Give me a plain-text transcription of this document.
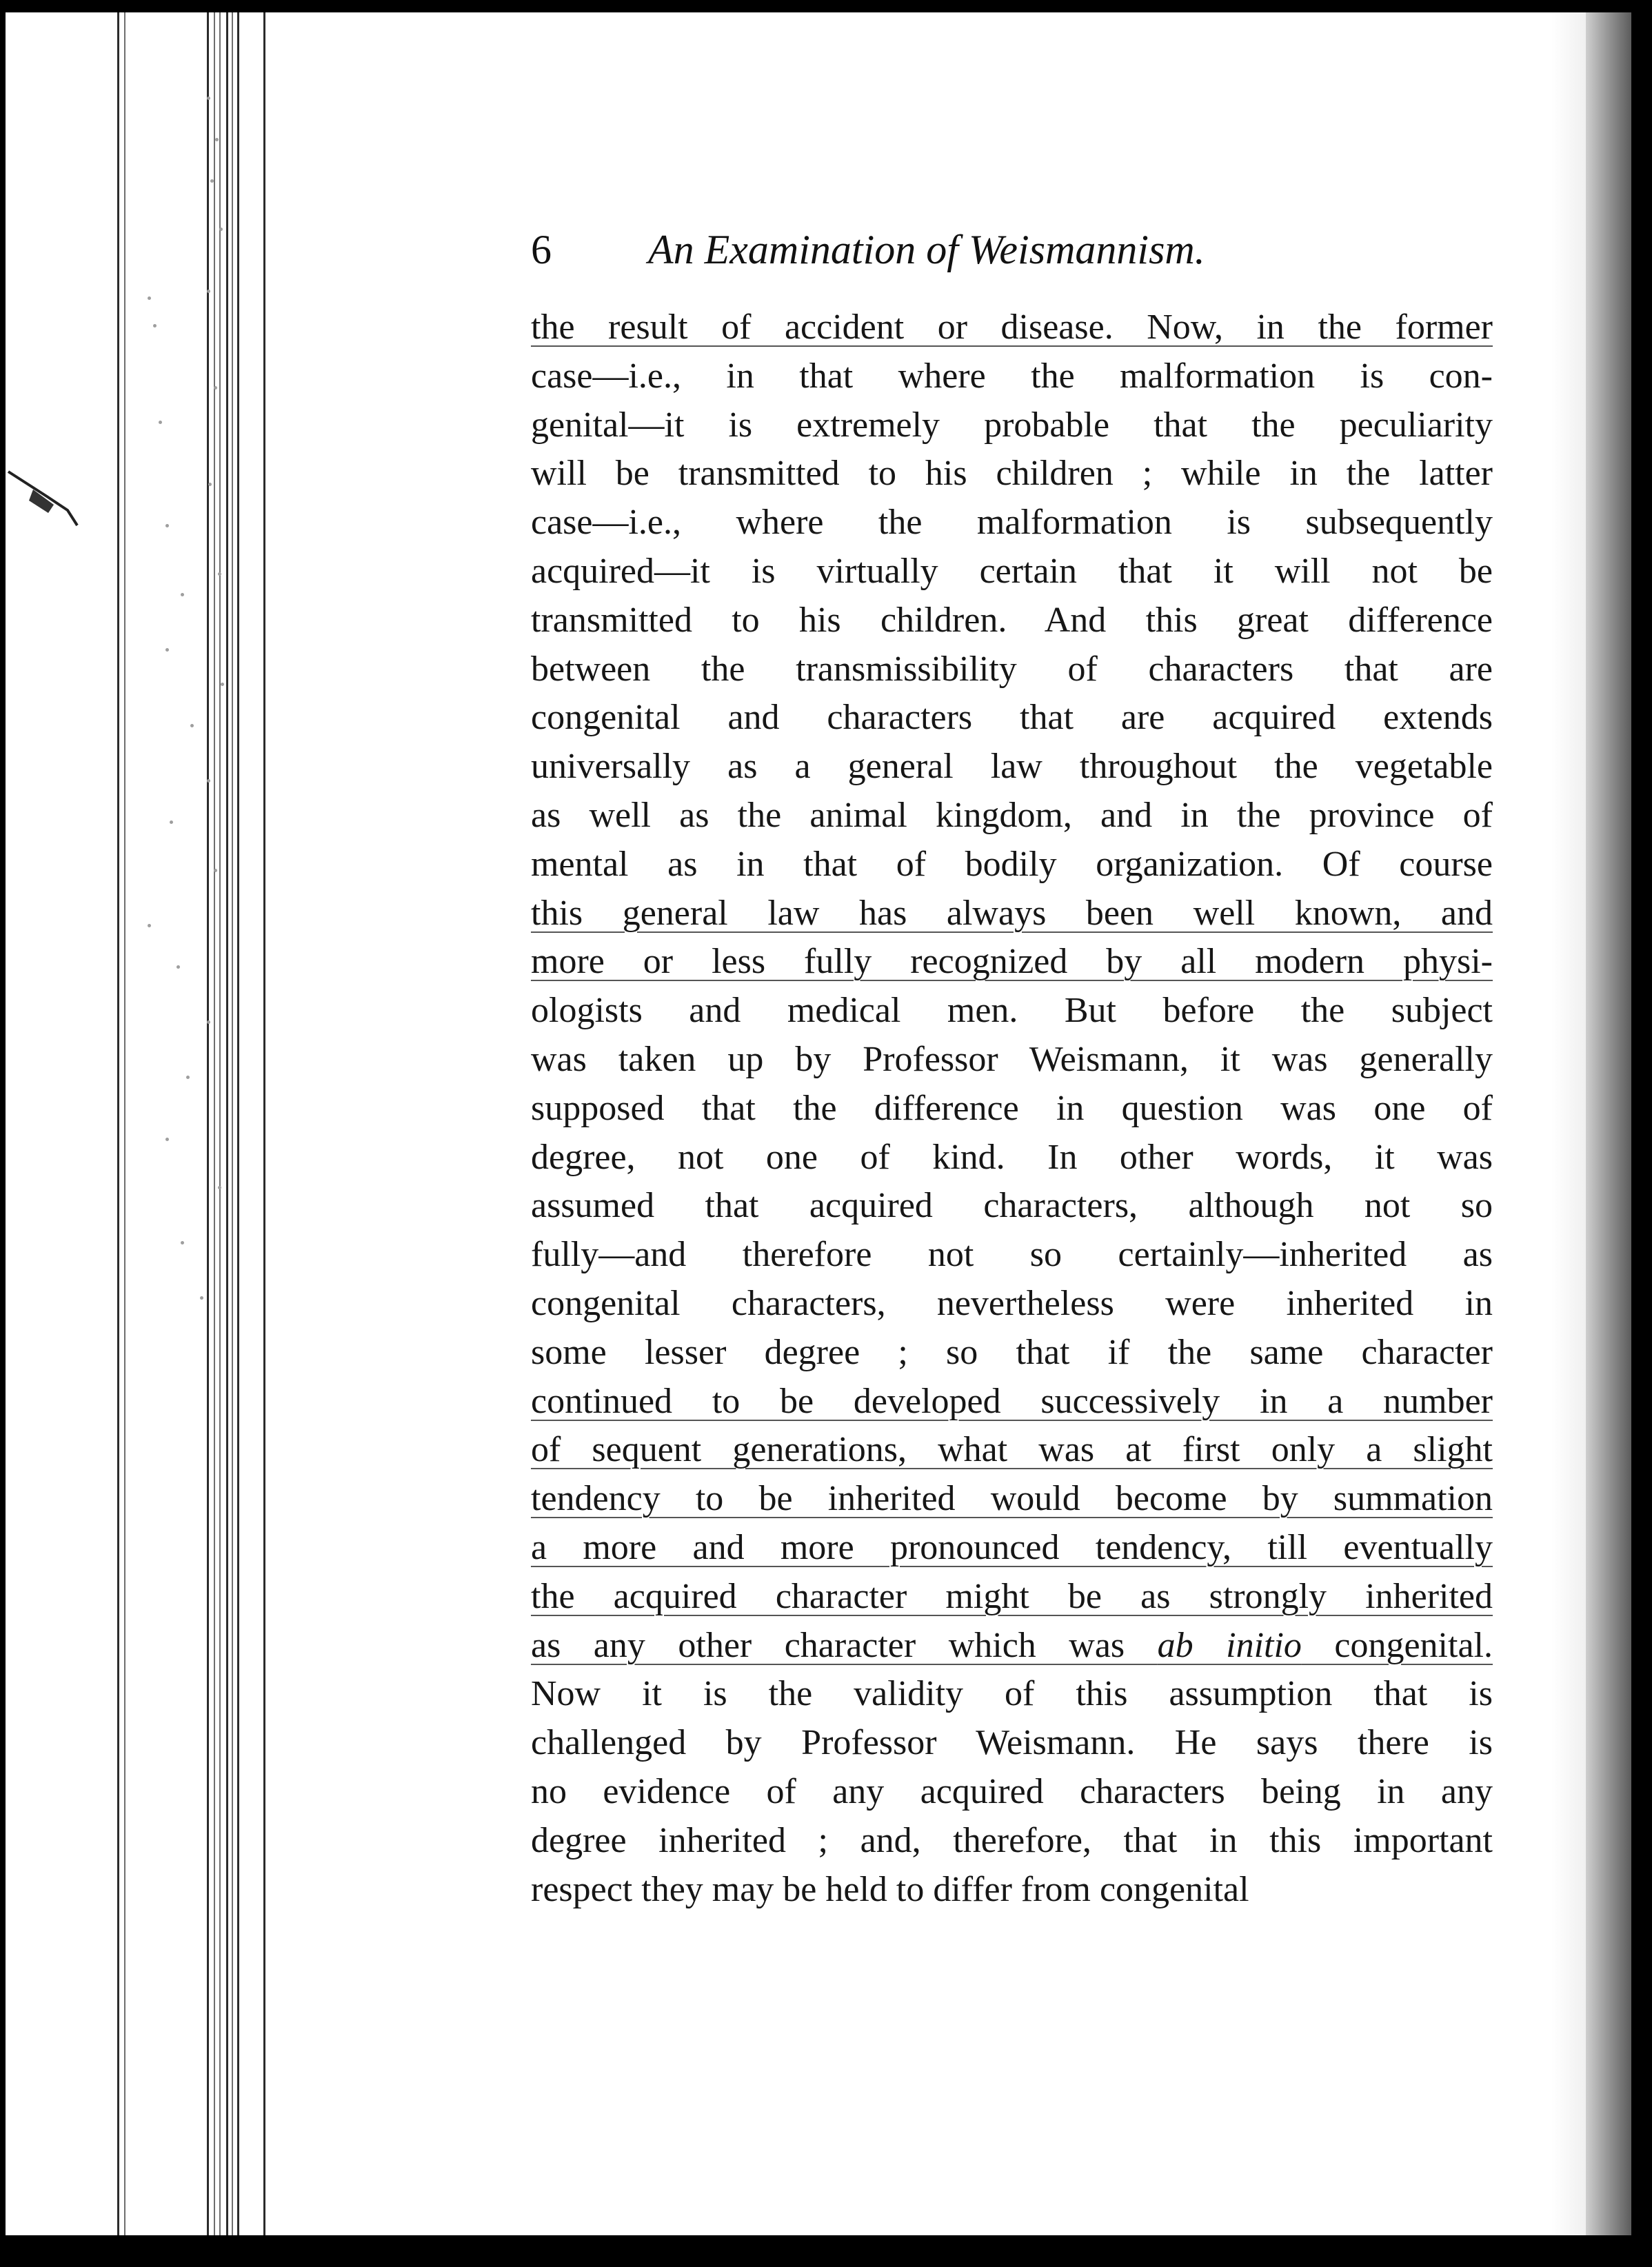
6 An Examination of Weismannism.
the result of accident or disease. Now, in the former
case—i.e., in that where the malformation is con-
genital—it is extremely probable that the peculiarity
will be transmitted to his children ; while in the latter
case—i.e., where the malformation is subsequently
acquired—it is virtually certain that it will not be
transmitted to his children. And this great difference
between the transmissibility of characters that are
congenital and characters that are acquired extends
universally as a general law throughout the vegetable
as well as the animal kingdom, and in the province of
mental as in that of bodily organization. Of course
this general law has always been well known, and
more or less fully recognized by all modern physi-
ologists and medical men. But before the subject
was taken up by Professor Weismann, it was generally
supposed that the difference in question was one of
degree, not one of kind. In other words, it was
assumed that acquired characters, although not so
fully—and therefore not so certainly—inherited as
congenital characters, nevertheless were inherited in
some lesser degree ; so that if the same character
continued to be developed successively in a number
of sequent generations, what was at first only a slight
tendency to be inherited would become by summation
a more and more pronounced tendency, till eventually
the acquired character might be as strongly inherited
as any other character which was ab initio congenital.
Now it is the validity of this assumption that is
challenged by Professor Weismann. He says there is
no evidence of any acquired characters being in any
degree inherited ; and, therefore, that in this important
respect they may be held to differ from congenital
